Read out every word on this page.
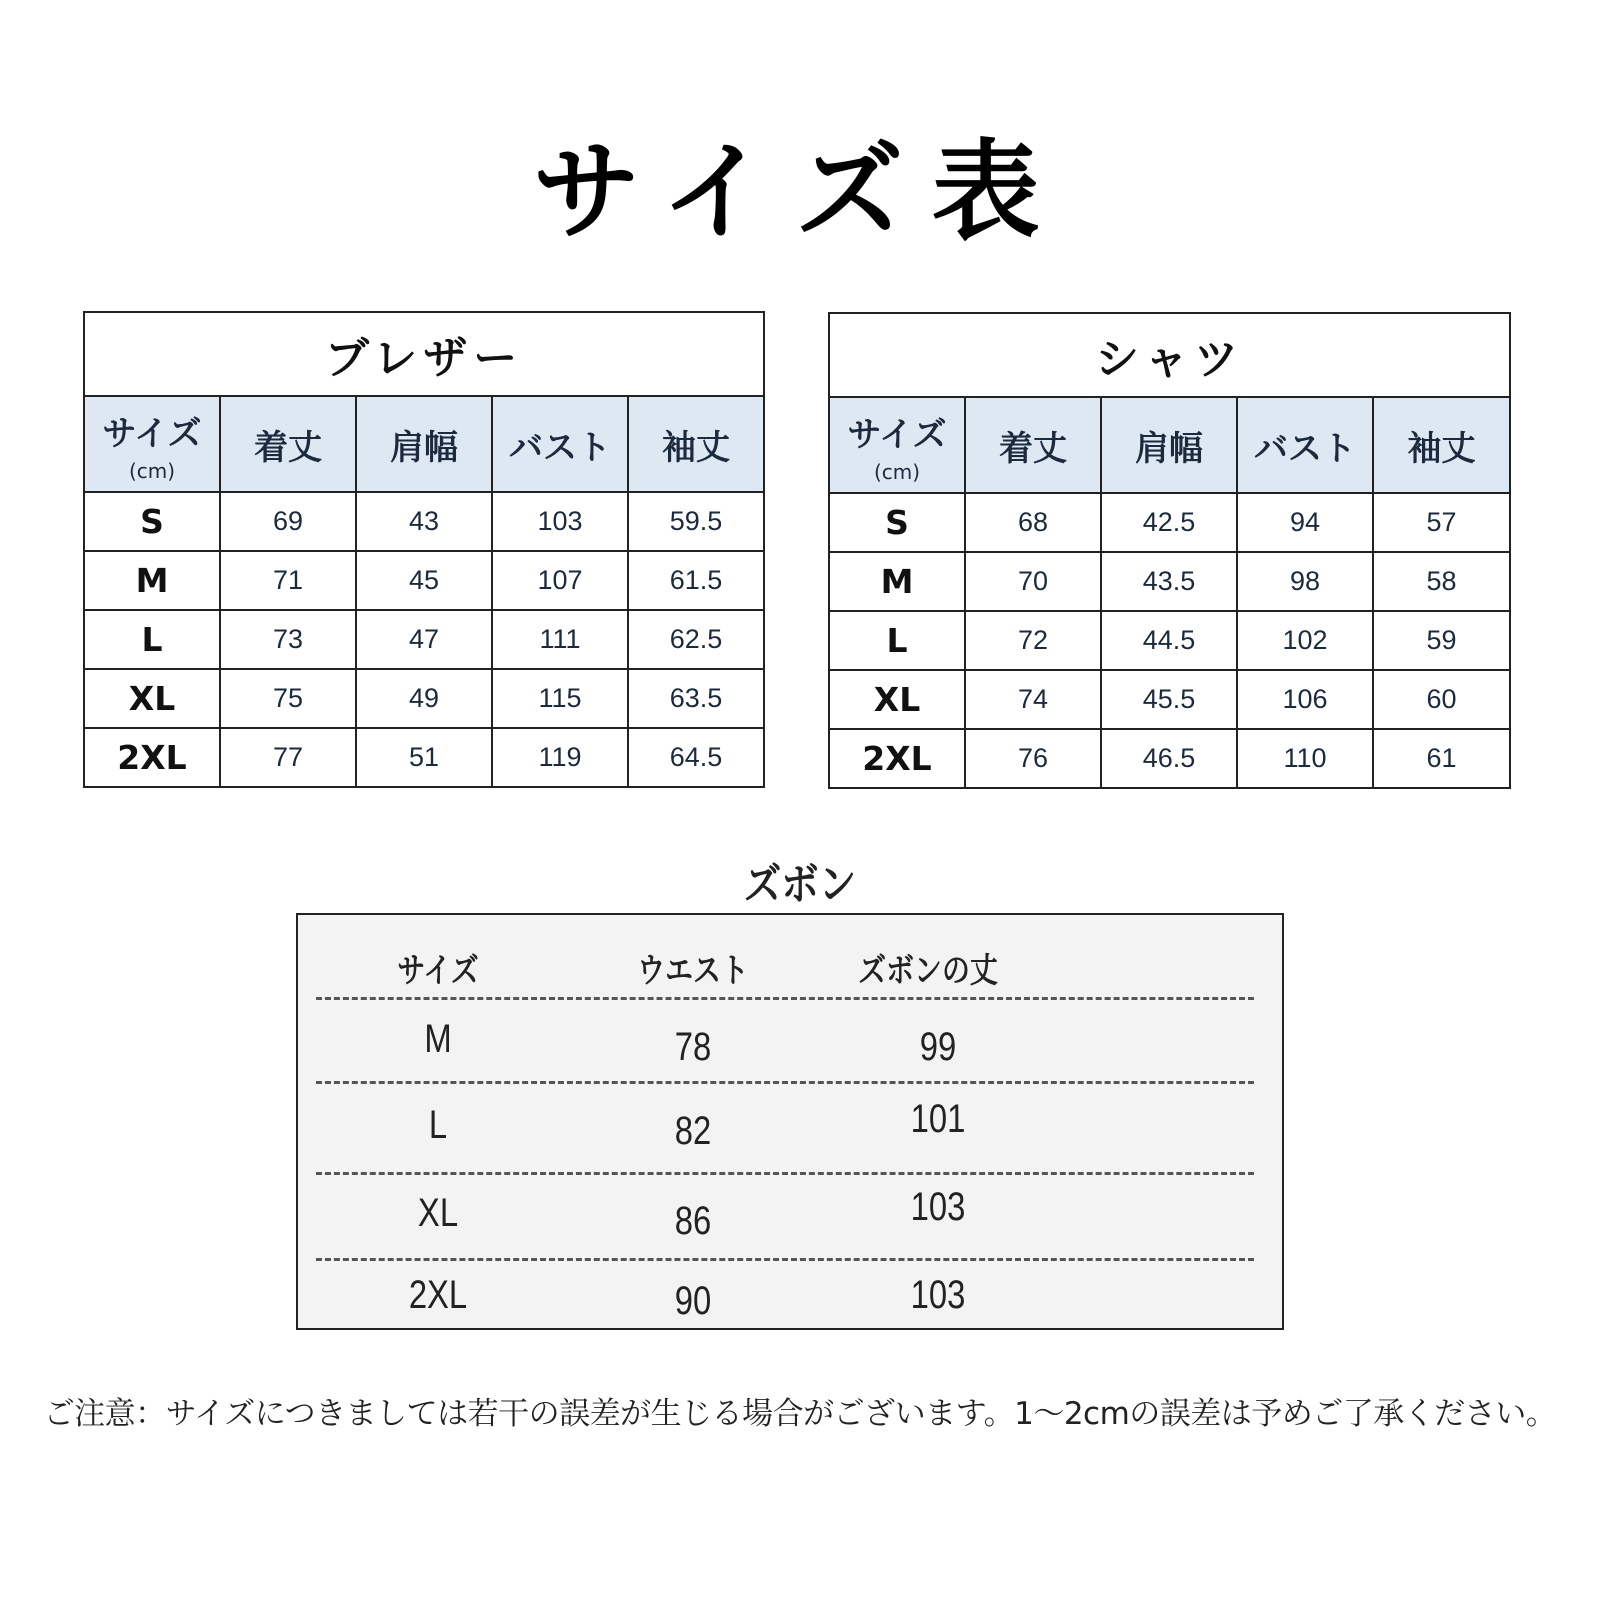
サイズ表
ブレザー				

サイズ
(cm)	着丈	肩幅	バスト	袖丈
S	69	43	103	59.5
M	71	45	107	61.5
L	73	47	111	62.5
XL	75	49	115	63.5
2XL	77	51	119	64.5
シャツ				

サイズ
(cm)	着丈	肩幅	バスト	袖丈
S	68	42.5	94	57
M	70	43.5	98	58
L	72	44.5	102	59
XL	74	45.5	106	60
2XL	76	46.5	110	61
ズボン
サイズ	ウエスト	ズボンの丈
M	78	99
L	82	101
XL	86	103
2XL	90	103
ご注意：サイズにつきましては若干の誤差が生じる場合がございます。1〜2cmの誤差は予めご了承ください。
